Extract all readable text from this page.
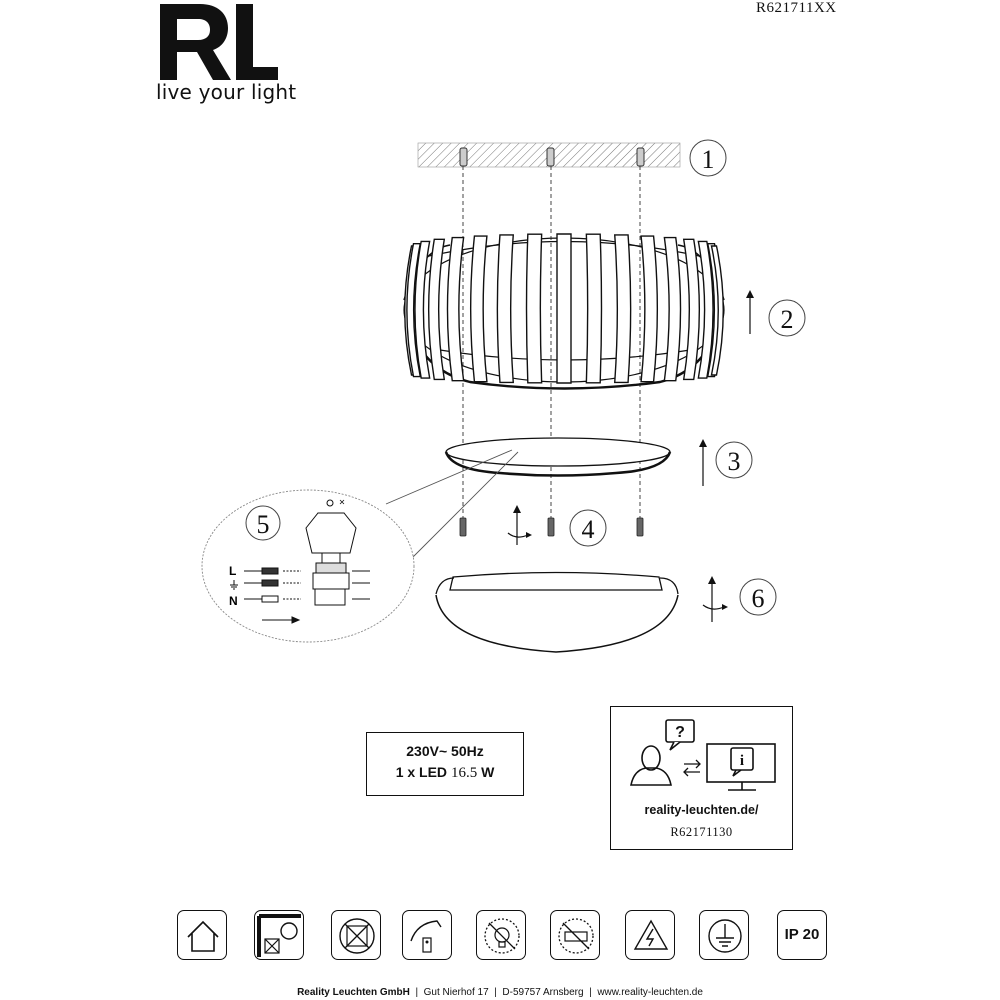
live your light
R621711XX
1
2
3
4
6
5
L
N
?
i
230V~ 50Hz
1 x LED 16.5 W
reality-leuchten.de/
R62171130
IP 20
Reality Leuchten GmbH | Gut Nierhof 17 | D-59757 Arnsberg | www.reality-leuchten.de
